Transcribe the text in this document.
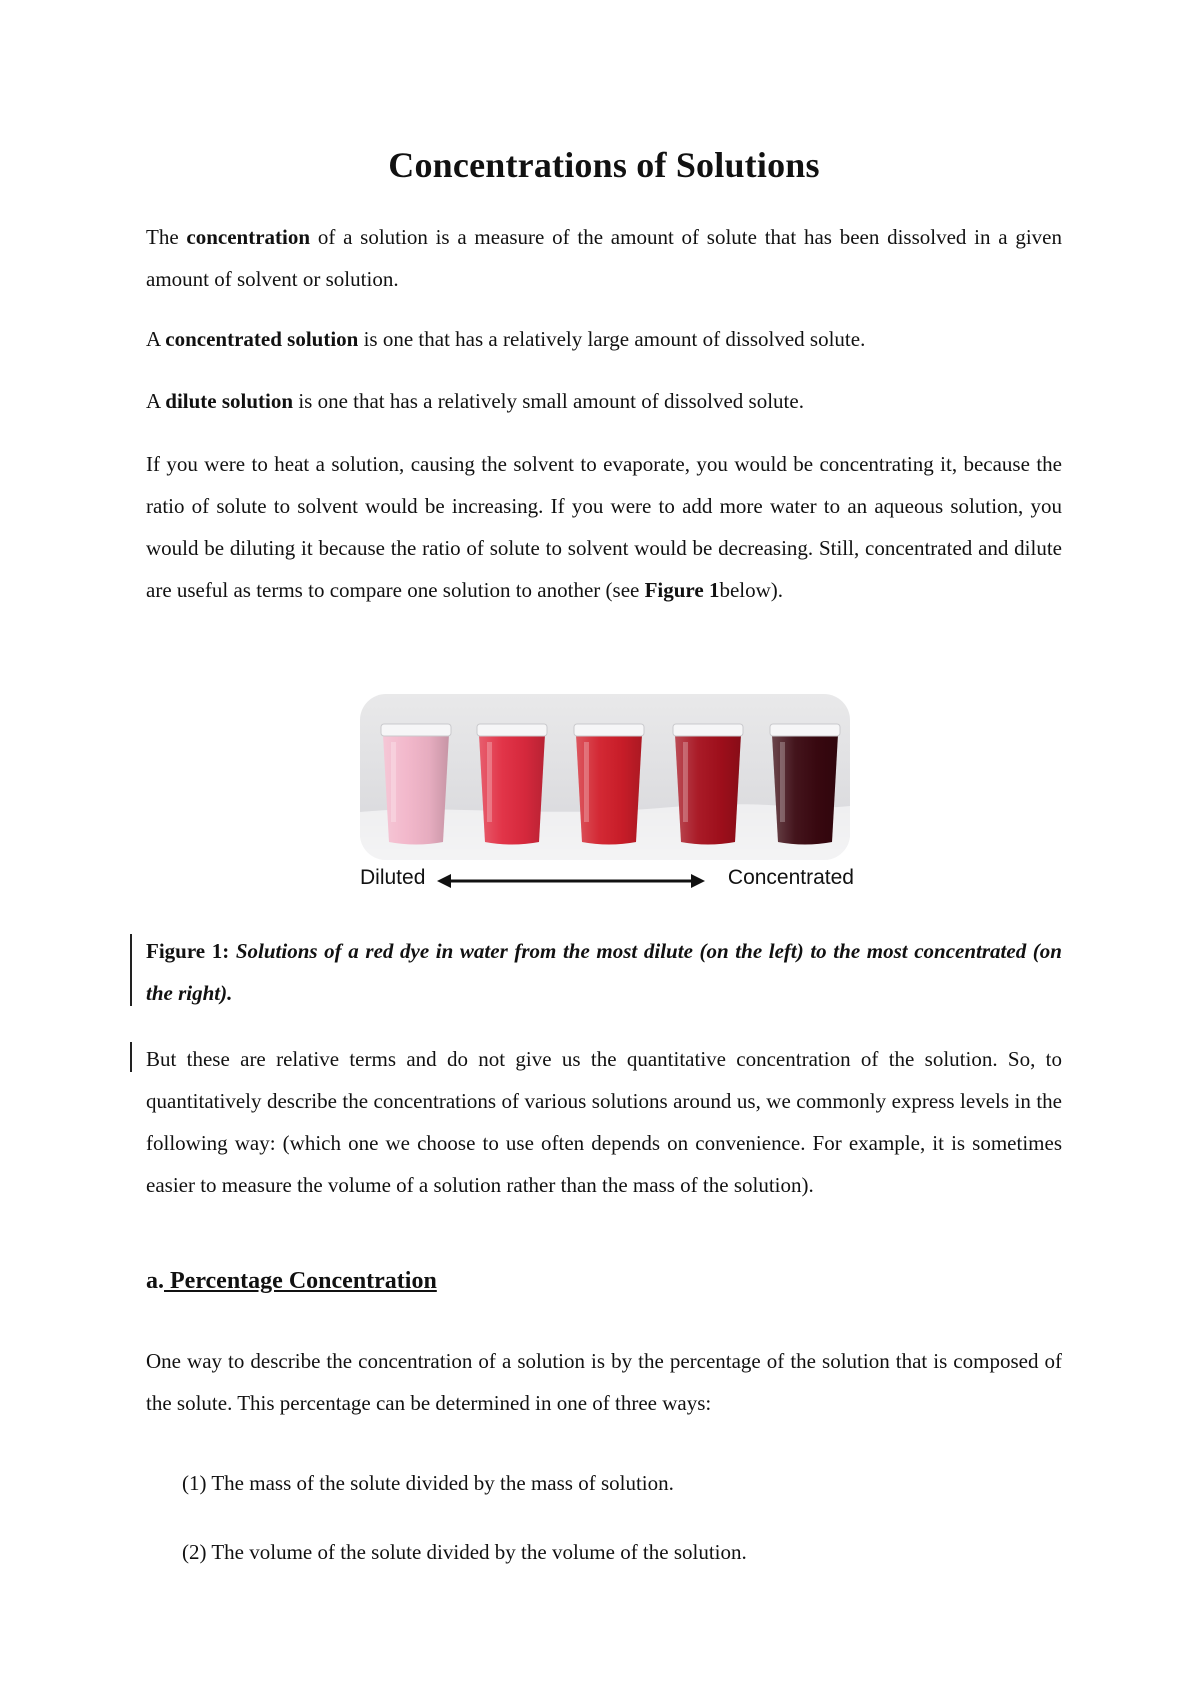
Concentrations of Solutions

The concentration of a solution is a measure of the amount of solute that has been dissolved in a given amount of solvent or solution.

A concentrated solution is one that has a relatively large amount of dissolved solute.

A dilute solution is one that has a relatively small amount of dissolved solute.

If you were to heat a solution, causing the solvent to evaporate, you would be concentrating it, because the ratio of solute to solvent would be increasing. If you were to add more water to an aqueous solution, you would be diluting it because the ratio of solute to solvent would be decreasing. Still, concentrated and dilute are useful as terms to compare one solution to another (see Figure 1below).

Diluted	Concentrated

Figure 1: Solutions of a red dye in water from the most dilute (on the left) to the most concentrated (on the right).

But these are relative terms and do not give us the quantitative concentration of the solution. So, to quantitatively describe the concentrations of various solutions around us, we commonly express levels in the following way: (which one we choose to use often depends on convenience. For example, it is sometimes easier to measure the volume of a solution rather than the mass of the solution).

a. Percentage Concentration

One way to describe the concentration of a solution is by the percentage of the solution that is composed of the solute. This percentage can be determined in one of three ways:

(1) The mass of the solute divided by the mass of solution.

(2) The volume of the solute divided by the volume of the solution.
